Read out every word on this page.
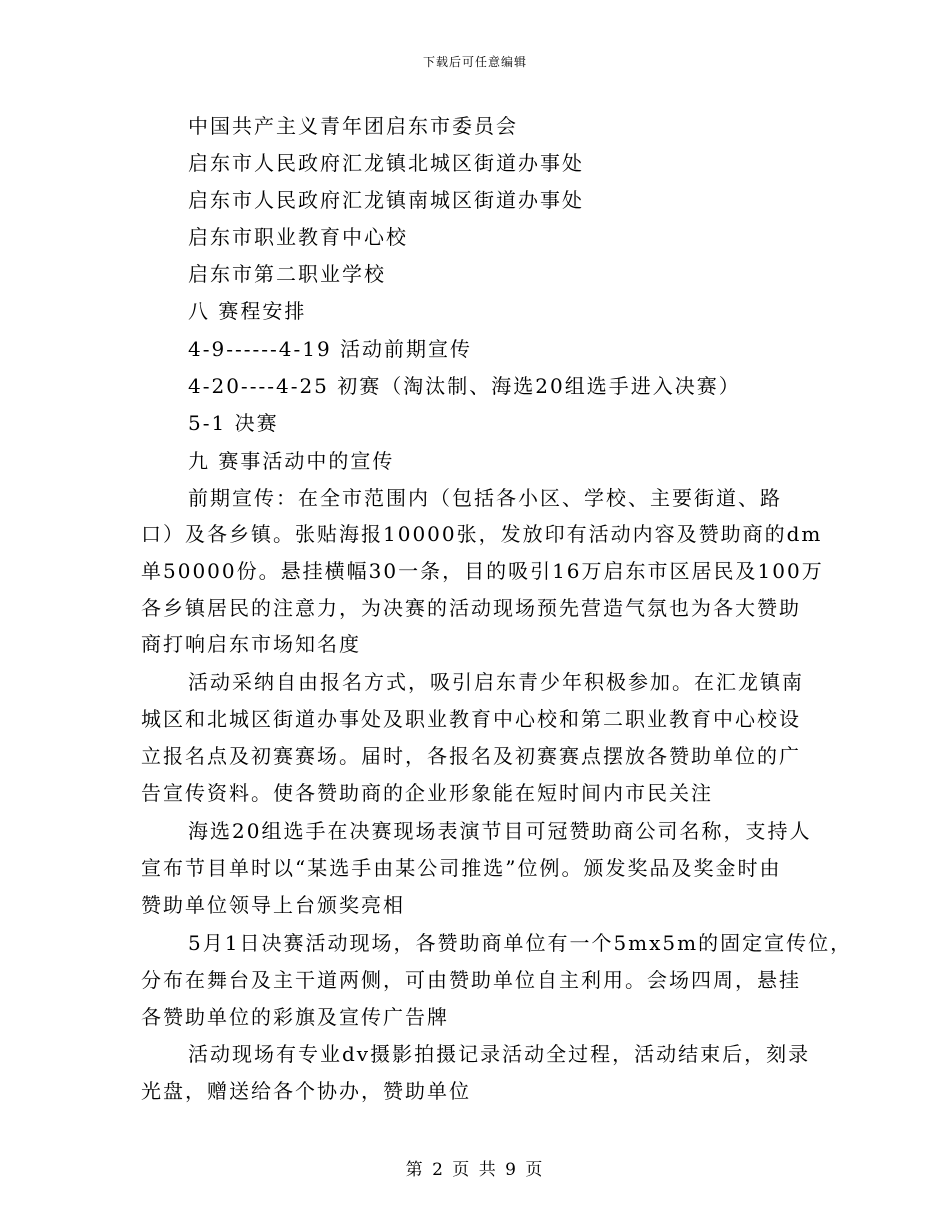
下载后可任意编辑
中国共产主义青年团启东市委员会
启东市人民政府汇龙镇北城区街道办事处
启东市人民政府汇龙镇南城区街道办事处
启东市职业教育中心校
启东市第二职业学校
八 赛程安排
4-9------4-19 活动前期宣传
4-20----4-25 初赛（淘汰制、海选20组选手进入决赛）
5-1 决赛
九 赛事活动中的宣传
前期宣传：在全市范围内（包括各小区、学校、主要街道、路
口）及各乡镇。张贴海报10000张，发放印有活动内容及赞助商的dm
单50000份。悬挂横幅30一条，目的吸引16万启东市区居民及100万
各乡镇居民的注意力，为决赛的活动现场预先营造气氛也为各大赞助
商打响启东市场知名度
活动采纳自由报名方式，吸引启东青少年积极参加。在汇龙镇南
城区和北城区街道办事处及职业教育中心校和第二职业教育中心校设
立报名点及初赛赛场。届时，各报名及初赛赛点摆放各赞助单位的广
告宣传资料。使各赞助商的企业形象能在短时间内市民关注
海选20组选手在决赛现场表演节目可冠赞助商公司名称，支持人
宣布节目单时以“某选手由某公司推选”位例。颁发奖品及奖金时由
赞助单位领导上台颁奖亮相
5月1日决赛活动现场，各赞助商单位有一个5mx5m的固定宣传位，
分布在舞台及主干道两侧，可由赞助单位自主利用。会场四周，悬挂
各赞助单位的彩旗及宣传广告牌
活动现场有专业dv摄影拍摄记录活动全过程，活动结束后，刻录
光盘，赠送给各个协办，赞助单位
第 2 页 共 9 页
